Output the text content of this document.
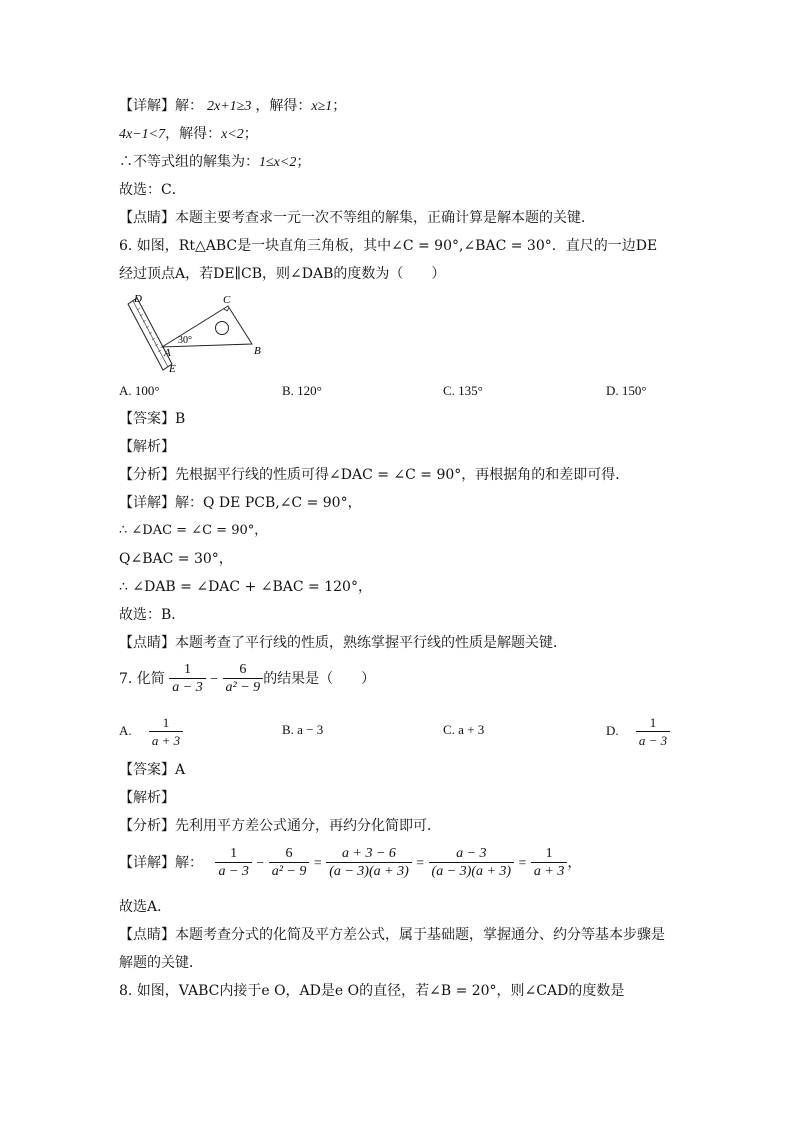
【详解】解： 2x+1≥3 ，解得：x≥1；
4x−1<7，解得：x<2；
∴不等式组的解集为：1≤x<2；
故选：C．
【点睛】本题主要考查求一元一次不等组的解集，正确计算是解本题的关键．
6. 如图，Rt△ABC是一块直角三角板，其中∠C = 90°,∠BAC = 30°．直尺的一边DE
经过顶点A，若DE∥CB，则∠DAB的度数为（　　）
D	C
A	B
E
30°
A. 100°	B. 120°	C. 135°	D. 150°
【答案】B
【解析】
【分析】先根据平行线的性质可得∠DAC = ∠C = 90°，再根据角的和差即可得．
【详解】解：Q DE PCB,∠C = 90°，
∴ ∠DAC = ∠C = 90°，
Q∠BAC = 30°，
∴ ∠DAB = ∠DAC + ∠BAC = 120°，
故选：B．
【点睛】本题考查了平行线的性质，熟练掌握平行线的性质是解题关键．
7. 化简 $\frac{1}{a - 3} - \frac{6}{\text{a² − 9}}$ 的结果是（　　）
A. $\frac{1}{a + 3}$	B. a − 3	C. a + 3	D. $\frac{1}{a - 3}$
【答案】A
【解析】
【分析】先利用平方差公式通分，再约分化简即可．
【详解】解： $\frac{1}{a - 3} - \frac{6}{\text{a² − 9}} = \frac{a + 3 - 6}{(a - 3)(a + 3)} = \frac{a - 3}{(a - 3)(a + 3)} = \frac{1}{a + 3}$ ，
故选A．
【点睛】本题考查分式的化简及平方差公式，属于基础题，掌握通分、约分等基本步骤是
解题的关键．
8. 如图，VABC内接于e O，AD是e O的直径，若∠B = 20°，则∠CAD的度数是
